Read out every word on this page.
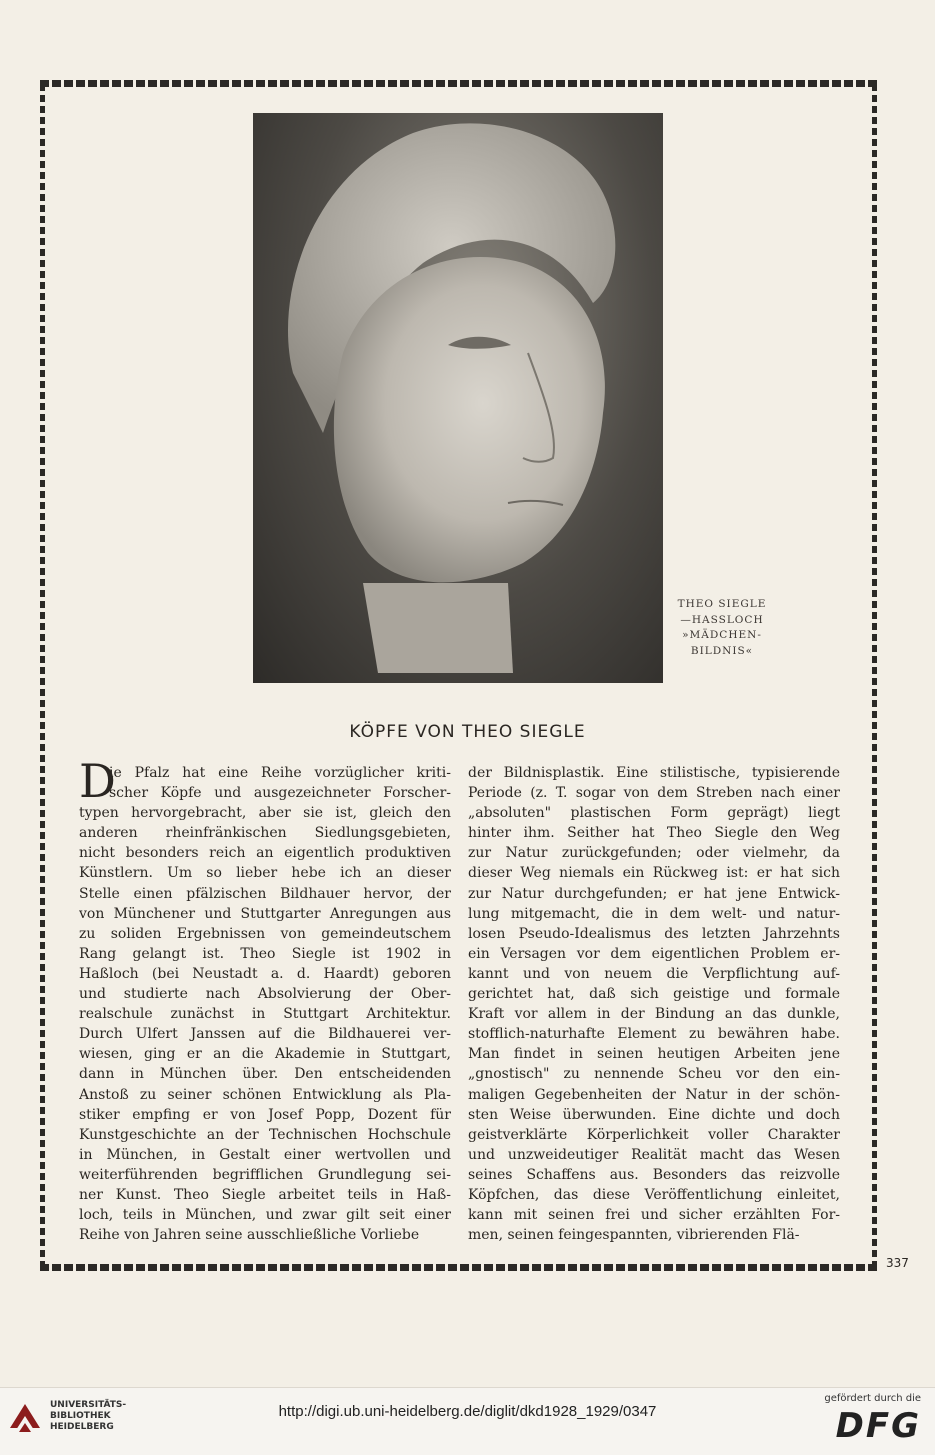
THEO SIEGLE
—HASSLOCH
»MÄDCHEN-
BILDNIS«
KÖPFE VON THEO SIEGLE
D
ie Pfalz hat eine Reihe vorzüglicher kriti-
scher Köpfe und ausgezeichneter Forscher-
typen hervorgebracht, aber sie ist, gleich den
anderen rheinfränkischen Siedlungsgebieten,
nicht besonders reich an eigentlich produktiven
Künstlern. Um so lieber hebe ich an dieser
Stelle einen pfälzischen Bildhauer hervor, der
von Münchener und Stuttgarter Anregungen aus
zu soliden Ergebnissen von gemeindeutschem
Rang gelangt ist. Theo Siegle ist 1902 in
Haßloch (bei Neustadt a. d. Haardt) geboren
und studierte nach Absolvierung der Ober-
realschule zunächst in Stuttgart Architektur.
Durch Ulfert Janssen auf die Bildhauerei ver-
wiesen, ging er an die Akademie in Stuttgart,
dann in München über. Den entscheidenden
Anstoß zu seiner schönen Entwicklung als Pla-
stiker empfing er von Josef Popp, Dozent für
Kunstgeschichte an der Technischen Hochschule
in München, in Gestalt einer wertvollen und
weiterführenden begrifflichen Grundlegung sei-
ner Kunst. Theo Siegle arbeitet teils in Haß-
loch, teils in München, und zwar gilt seit einer
Reihe von Jahren seine ausschließliche Vorliebe
der Bildnisplastik. Eine stilistische, typisierende
Periode (z. T. sogar von dem Streben nach einer
„absoluten" plastischen Form geprägt) liegt
hinter ihm. Seither hat Theo Siegle den Weg
zur Natur zurückgefunden; oder vielmehr, da
dieser Weg niemals ein Rückweg ist: er hat sich
zur Natur durchgefunden; er hat jene Entwick-
lung mitgemacht, die in dem welt- und natur-
losen Pseudo-Idealismus des letzten Jahrzehnts
ein Versagen vor dem eigentlichen Problem er-
kannt und von neuem die Verpflichtung auf-
gerichtet hat, daß sich geistige und formale
Kraft vor allem in der Bindung an das dunkle,
stofflich-naturhafte Element zu bewähren habe.
Man findet in seinen heutigen Arbeiten jene
„gnostisch" zu nennende Scheu vor den ein-
maligen Gegebenheiten der Natur in der schön-
sten Weise überwunden. Eine dichte und doch
geistverklärte Körperlichkeit voller Charakter
und unzweideutiger Realität macht das Wesen
seines Schaffens aus. Besonders das reizvolle
Köpfchen, das diese Veröffentlichung einleitet,
kann mit seinen frei und sicher erzählten For-
men, seinen feingespannten, vibrierenden Flä-
337
UNIVERSITÄTS-
BIBLIOTHEK
HEIDELBERG
http://digi.ub.uni-heidelberg.de/diglit/dkd1928_1929/0347
gefördert durch die
DFG
